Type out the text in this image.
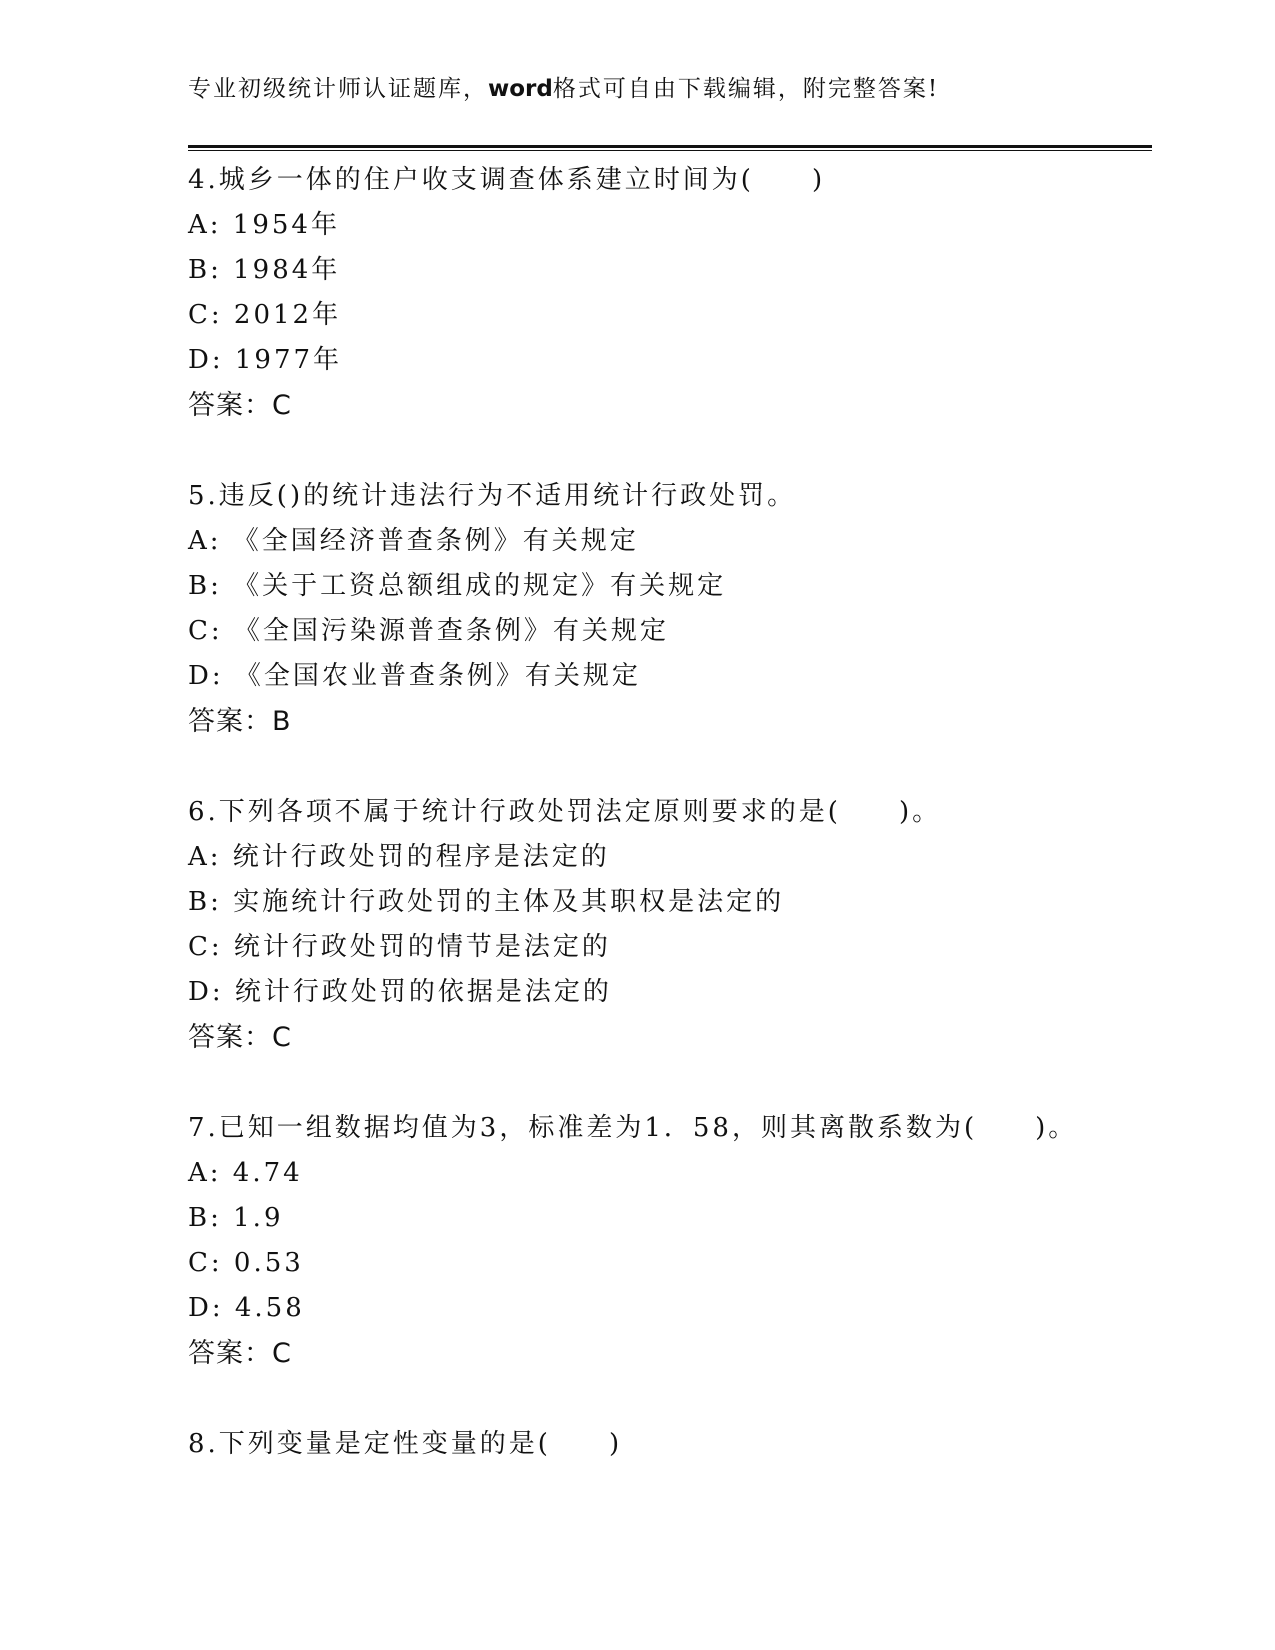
专业初级统计师认证题库，word格式可自由下载编辑，附完整答案!
4.城乡一体的住户收支调查体系建立时间为(　　)
A: 1954年
B: 1984年
C: 2012年
D: 1977年
答案：C
5.违反()的统计违法行为不适用统计行政处罚。
A: 《全国经济普查条例》有关规定
B: 《关于工资总额组成的规定》有关规定
C: 《全国污染源普查条例》有关规定
D: 《全国农业普查条例》有关规定
答案：B
6.下列各项不属于统计行政处罚法定原则要求的是(　　)。
A: 统计行政处罚的程序是法定的
B: 实施统计行政处罚的主体及其职权是法定的
C: 统计行政处罚的情节是法定的
D: 统计行政处罚的依据是法定的
答案：C
7.已知一组数据均值为3，标准差为1．58，则其离散系数为(　　)。
A: 4.74
B: 1.9
C: 0.53
D: 4.58
答案：C
8.下列变量是定性变量的是(　　)
